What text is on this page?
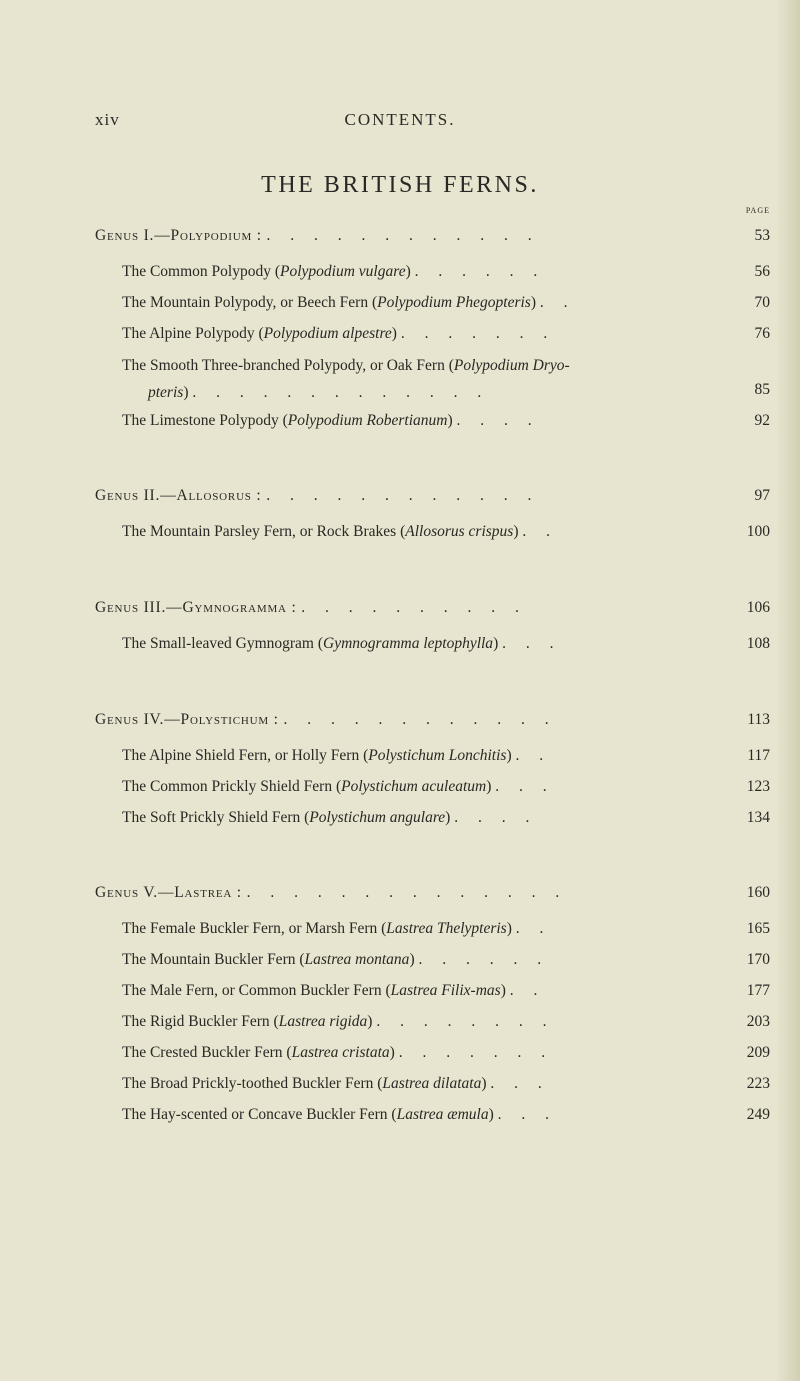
xiv	CONTENTS.
THE BRITISH FERNS.
PAGE
Genus I.—Polypodium : . . . . . . . . . . . .	53
The Common Polypody (Polypodium vulgare) . . . . . .	56
The Mountain Polypody, or Beech Fern (Polypodium Phegopteris) . .	70
The Alpine Polypody (Polypodium alpestre) . . . . . . .	76
The Smooth Three-branched Polypody, or Oak Fern (Polypodium Dryo-
pteris) . . . . . . . . . . . . .	85
The Limestone Polypody (Polypodium Robertianum) . . . .	92
Genus II.—Allosorus : . . . . . . . . . . . .	97
The Mountain Parsley Fern, or Rock Brakes (Allosorus crispus) . .	100
Genus III.—Gymnogramma : . . . . . . . . . .	106
The Small-leaved Gymnogram (Gymnogramma leptophylla) . . .	108
Genus IV.—Polystichum : . . . . . . . . . . . .	113
The Alpine Shield Fern, or Holly Fern (Polystichum Lonchitis) . .	117
The Common Prickly Shield Fern (Polystichum aculeatum) . . .	123
The Soft Prickly Shield Fern (Polystichum angulare) . . . .	134
Genus V.—Lastrea : . . . . . . . . . . . . . .	160
The Female Buckler Fern, or Marsh Fern (Lastrea Thelypteris) . .	165
The Mountain Buckler Fern (Lastrea montana) . . . . . .	170
The Male Fern, or Common Buckler Fern (Lastrea Filix-mas) . .	177
The Rigid Buckler Fern (Lastrea rigida) . . . . . . . .	203
The Crested Buckler Fern (Lastrea cristata) . . . . . . .	209
The Broad Prickly-toothed Buckler Fern (Lastrea dilatata) . . .	223
The Hay-scented or Concave Buckler Fern (Lastrea æmula) . . .	249
